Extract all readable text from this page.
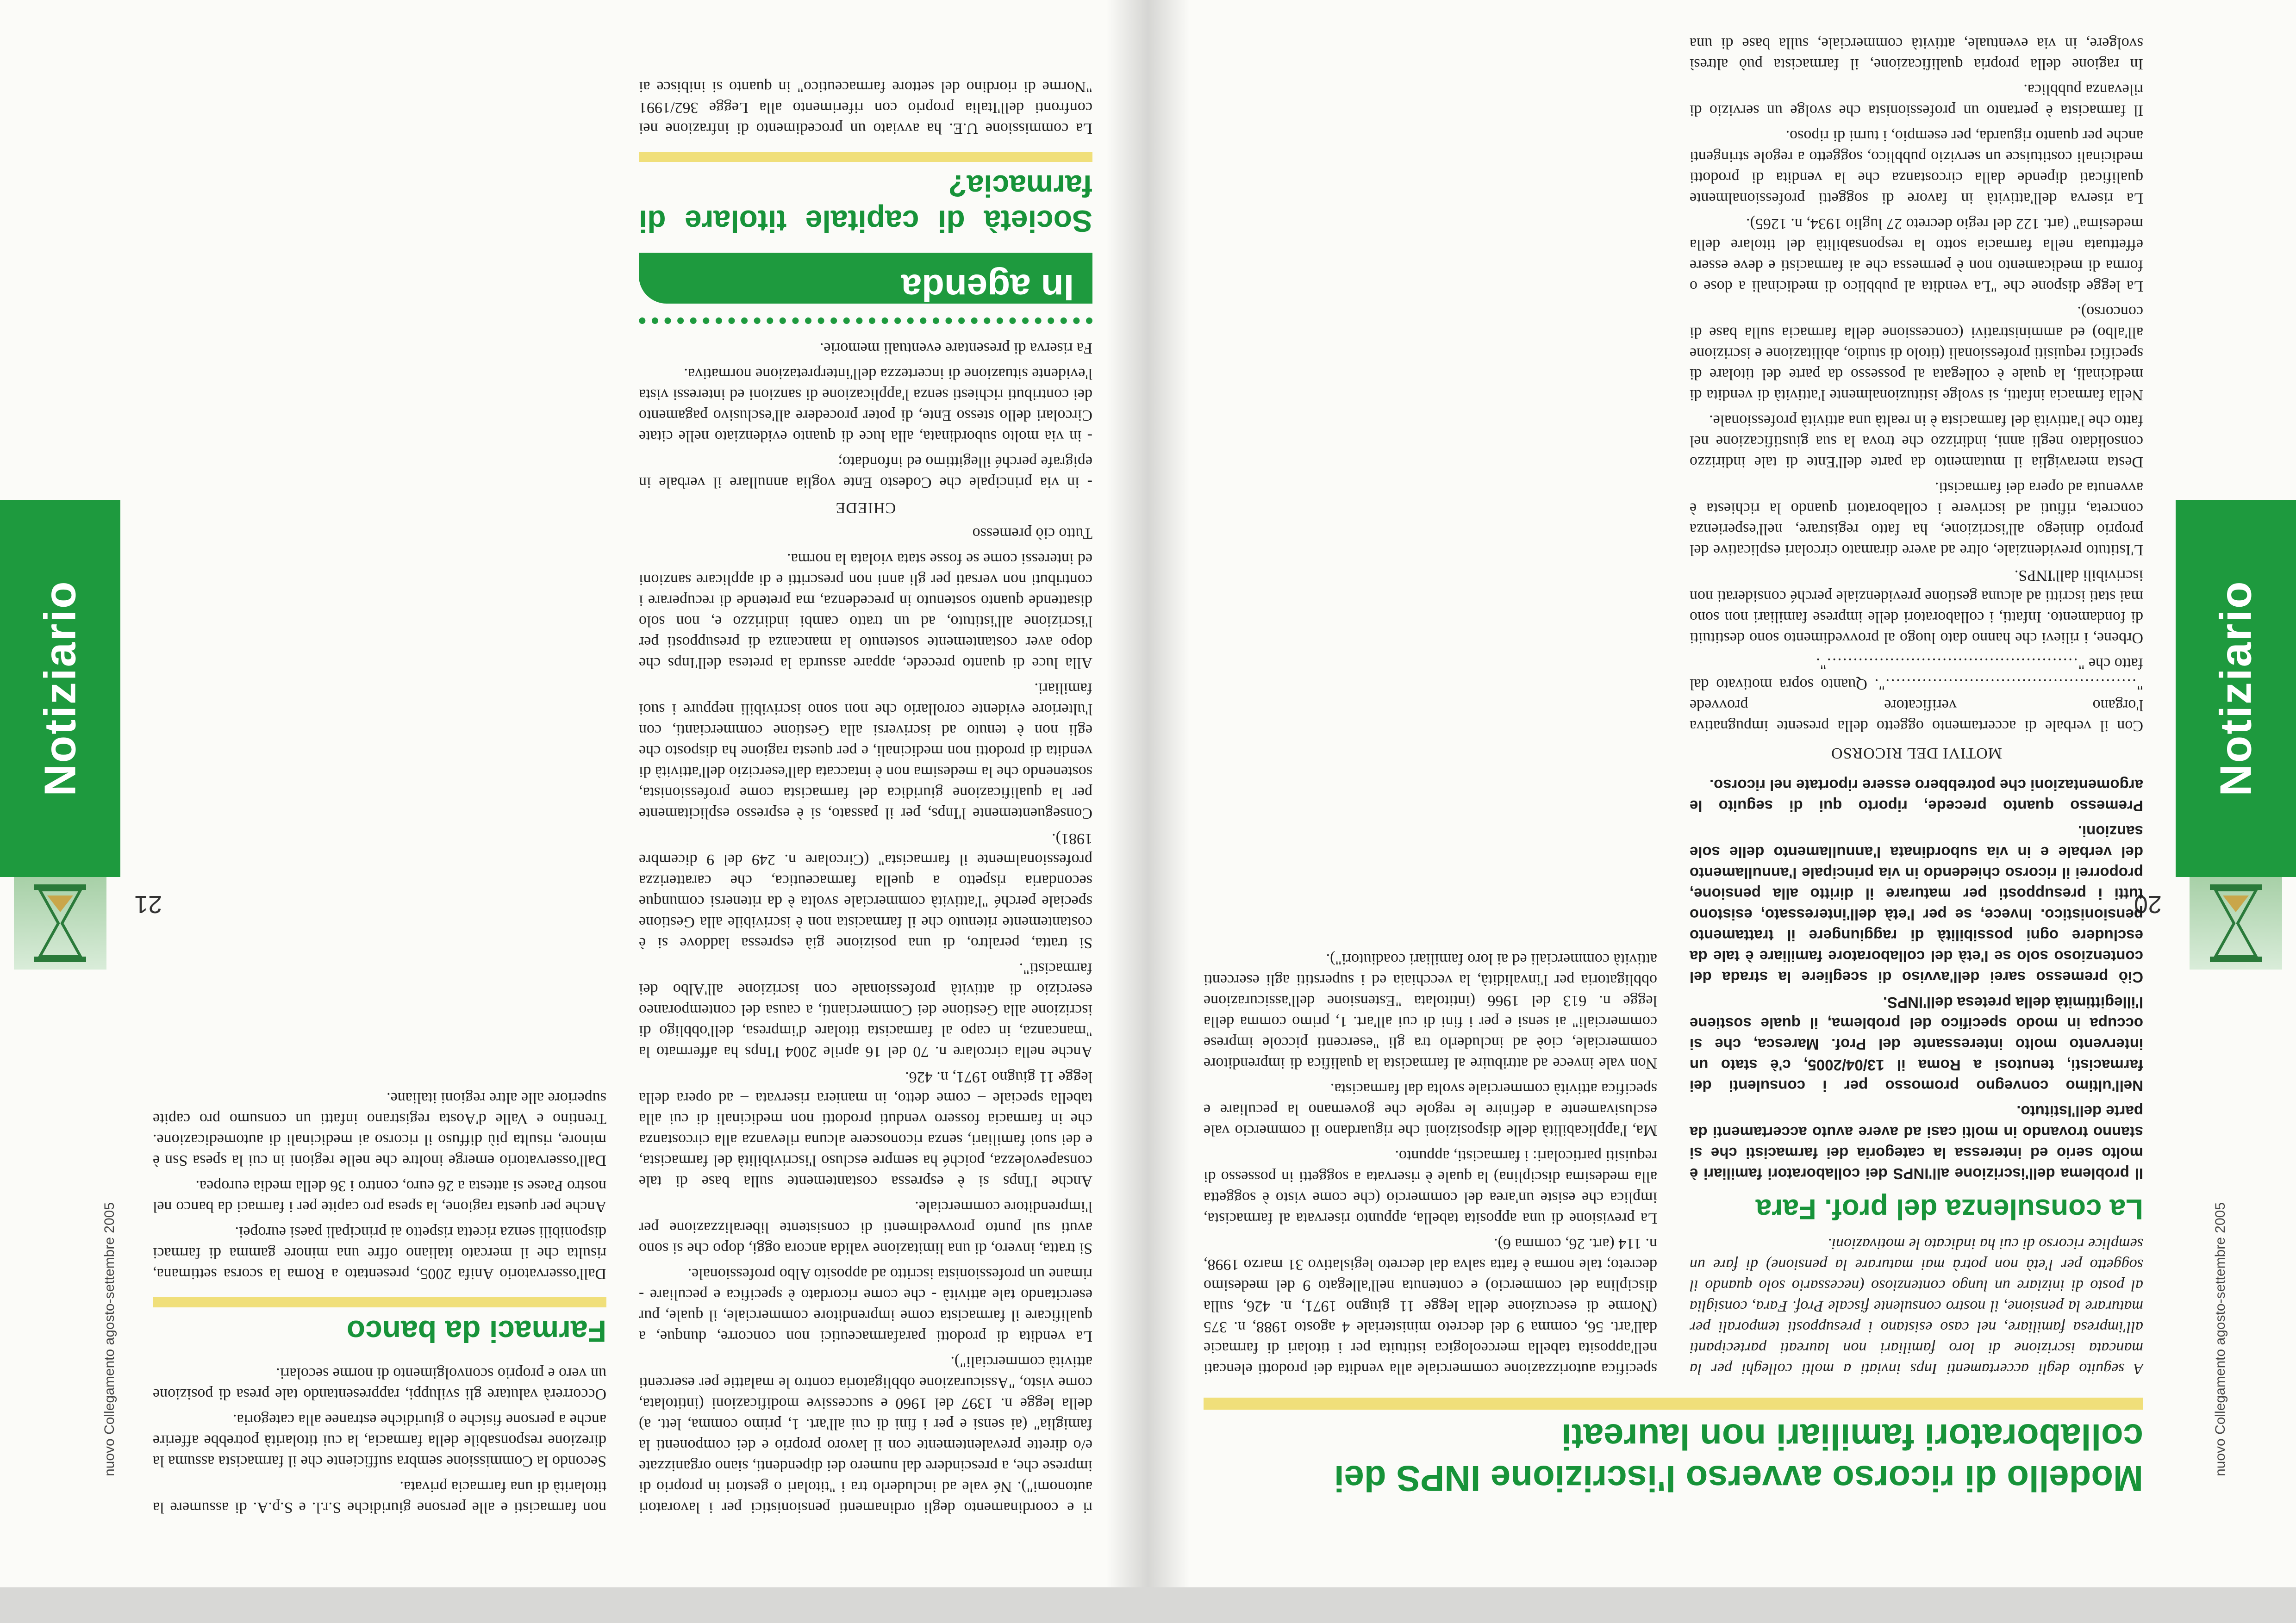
nuovo Collegamento agosto-settembre 2005
20
Notiziario
Modello di ricorso avverso l'iscrizione INPS dei collaboratori familiari non laureati

A seguito degli accertamenti Inps inviati a molti colleghi per la mancata iscrizione di loro familiari non laureati partecipanti all'impresa familiare, nel caso esistano i presupposti temporali per maturare la pensione, il nostro consulente fiscale Prof. Fara, consiglia al posto di iniziare un lungo contenzioso (necessario solo quando il soggetto per l'età non potrà mai maturare la pensione) di fare un semplice ricorso di cui ha indicato le motivazioni.

La consulenza del prof. Fara

Il problema dell'iscrizione all'INPS dei collaboratori familiari è molto serio ed interessa la categoria dei farmacisti che si stanno trovando in molti casi ad avere avuto accertamenti da parte dell'Istituto.

Nell'ultimo convegno promosso per i consulenti dei farmacisti, tenutosi a Roma il 13/04/2005, c'è stato un intervento molto interessante del Prof. Maresca, che si occupa in modo specifico del problema, il quale sostiene l'illegittimità della pretesa dell'INPS.

Ciò premesso sarei dell'avviso di scegliere la strada del contenzioso solo se l'età del collaboratore familiare è tale da escludere ogni possibilità di raggiungere il trattamento pensionistico. Invece, se per l'età dell'interessato, esistono tutti i presupposti per maturare il diritto alla pensione, proporrei il ricorso chiedendo in via principale l'annullamento del verbale e in via subordinata l'annullamento delle sole sanzioni.

Premesso quanto precede, riporto qui di seguito le argomentazioni che potrebbero essere riportate nel ricorso.

MOTIVI DEL RICORSO

Con il verbale di accertamento oggetto della presente impugnativa l'organo verificatore provvede "…………………………………………". Quanto sopra motivato dal fatto che "…………………………………………".

Orbene, i rilievi che hanno dato luogo al provvedimento sono destituiti di fondamento. Infatti, i collaboratori delle imprese familiari non sono mai stati iscritti ad alcuna gestione previdenziale perché considerati non iscrivibili dall'INPS.

L'Istituto previdenziale, oltre ad avere diramato circolari esplicative del proprio diniego all'iscrizione, ha fatto registrare, nell'esperienza concreta, rifiuti ad iscrivere i collaboratori quando la richiesta è avvenuta ad opera dei farmacisti.

Desta meraviglia il mutamento da parte dell'Ente di tale indirizzo consolidato negli anni, indirizzo che trova la sua giustificazione nel fatto che l'attività del farmacista è in realtà una attività professionale.

Nella farmacia infatti, si svolge istituzionalmente l'attività di vendita di medicinali, la quale è collegata al possesso da parte del titolare di specifici requisiti professionali (titolo di studio, abilitazione e iscrizione all'albo) ed amministrativi (concessione della farmacia sulla base di concorso).

La legge dispone che "La vendita al pubblico di medicinali a dose o forma di medicamento non è permessa che ai farmacisti e deve essere effettuata nella farmacia sotto la responsabilità del titolare della medesima" (art. 122 del regio decreto 27 luglio 1934, n. 1265).

La riserva dell'attività in favore di soggetti professionalmente qualificati dipende dalla circostanza che la vendita di prodotti medicinali costituisce un servizio pubblico, soggetto a regole stringenti anche per quanto riguarda, per esempio, i turni di riposo.

Il farmacista è pertanto un professionista che svolge un servizio di rilevanza pubblica.

In ragione della propria qualificazione, il farmacista può altresì svolgere, in via eventuale, attività commerciale, sulla base di una specifica autorizzazione commerciale alla vendita dei prodotti elencati nell'apposita tabella merceologica istituita per i titolari di farmacie dall'art. 56, comma 9 del decreto ministeriale 4 agosto 1988, n. 375 (Norme di esecuzione della legge 11 giugno 1971, n. 426, sulla disciplina del commercio) e contenuta nell'allegato 9 del medesimo decreto; tale norma è fatta salva dal decreto legislativo 31 marzo 1998, n. 114 (art. 26, comma 6).

La previsione di una apposita tabella, appunto riservata al farmacista, implica che esiste un'area del commercio (che come visto è soggetta alla medesima disciplina) la quale è riservata a soggetti in possesso di requisiti particolari: i farmacisti, appunto.

Ma, l'applicabilità delle disposizioni che riguardano il commercio vale esclusivamente a definire le regole che governano la peculiare e specifica attività commerciale svolta dal farmacista.

Non vale invece ad attribuire al farmacista la qualifica di imprenditore commerciale, cioè ad includerlo tra gli "esercenti piccole imprese commerciali" ai sensi e per i fini di cui all'art. 1, primo comma della legge n. 613 del 1966 (intitolata "Estensione dell'assicurazione obbligatoria per l'invalidità, la vecchiaia ed i superstiti agli esercenti attività commerciali ed ai loro familiari coadiutori").

21
Notiziario

ri e coordinamento degli ordinamenti pensionistici per i lavoratori autonomi"). Né vale ad includerlo tra i "titolari o gestori in proprio di imprese che, a prescindere dal numero dei dipendenti, siano organizzate e/o dirette prevalentemente con il lavoro proprio e dei componenti la famiglia" (ai sensi e per i fini di cui all'art. 1, primo comma, lett. a) della legge n. 1397 del 1960 e successive modificazioni (intitolata, come visto, "Assicurazione obbligatoria contro le malattie per esercenti attività commerciali").

La vendita di prodotti parafarmaceutici non concorre, dunque, a qualificare il farmacista come imprenditore commerciale, il quale, pur esercitando tale attività - che come ricordato è specifica e peculiare - rimane un professionista iscritto ad apposito Albo professionale.

Si tratta, invero, di una limitazione valida ancora oggi, dopo che si sono avuti sul punto provvedimenti di consistente liberalizzazione per l'imprenditore commerciale.

Anche l'Inps si è espressa costantemente sulla base di tale consapevolezza, poiché ha sempre escluso l'iscrivibilità del farmacista, e dei suoi familiari, senza riconoscere alcuna rilevanza alla circostanza che in farmacia fossero venduti prodotti non medicinali di cui alla tabella speciale – come detto, in maniera riservata – ad opera della legge 11 giugno 1971, n. 426.

Anche nella circolare n. 70 del 16 aprile 2004 l'Inps ha affermato la "mancanza, in capo al farmacista titolare d'impresa, dell'obbligo di iscrizione alla Gestione dei Commercianti, a causa del contemporaneo esercizio di attività professionale con iscrizione all'Albo dei farmacisti".

Si tratta, peraltro, di una posizione già espressa laddove si è costantemente ritenuto che il farmacista non è iscrivibile alla Gestione speciale perché "l'attività commerciale svolta è da ritenersi comunque secondaria rispetto a quella farmaceutica, che caratterizza professionalmente il farmacista" (Circolare n. 249 del 9 dicembre 1981).

Conseguentemente l'Inps, per il passato, si è espresso esplicitamente per la qualificazione giuridica del farmacista come professionista, sostenendo che la medesima non è intaccata dall'esercizio dell'attività di vendita di prodotti non medicinali, e per questa ragione ha disposto che egli non è tenuto ad iscriversi alla Gestione commercianti, con l'ulteriore evidente corollario che non sono iscrivibili neppure i suoi familiari.

Alla luce di quanto precede, appare assurda la pretesa dell'Inps che dopo aver costantemente sostenuto la mancanza di presupposti per l'iscrizione all'istituto, ad un tratto cambi indirizzo e, non solo disattende quanto sostenuto in precedenza, ma pretende di recuperare i contributi non versati per gli anni non prescritti e di applicare sanzioni ed interessi come se fosse stata violata la norma.

Tutto ciò premesso

CHIEDE

- in via principale che Codesto Ente voglia annullare il verbale in epigrafe perché illegittimo ed infondato;

- in via molto subordinata, alla luce di quanto evidenziato nelle citate Circolari dello stesso Ente, di poter procedere all'esclusivo pagamento dei contributi richiesti senza l'applicazione di sanzioni ed interessi vista l'evidente situazione di incertezza dell'interpretazione normativa.

Fa riserva di presentare eventuali memorie.

In agenda
Società di capitale titolare di farmacia?

La commissione U.E. ha avviato un procedimento di infrazione nei confronti dell'Italia proprio con riferimento alla Legge 362/1991 "Norme di riordino del settore farmaceutico" in quanto si inibisce ai non farmacisti e alle persone giuridiche S.r.l. e S.p.A. di assumere la titolarità di una farmacia privata.

Secondo la Commissione sembra sufficiente che il farmacista assuma la direzione responsabile della farmacia, la cui titolarità potrebbe afferire anche a persone fisiche o giuridiche estranee alla categoria.

Occorrerà valutare gli sviluppi, rappresentando tale presa di posizione un vero e proprio sconvolgimento di norme secolari.

Farmaci da banco

Dall'osservatorio Anifa 2005, presentato a Roma la scorsa settimana, risulta che il mercato italiano offre una minore gamma di farmaci disponibili senza ricetta rispetto ai principali paesi europei.

Anche per questa ragione, la spesa pro capite per i farmaci da banco nel nostro Paese si attesta a 26 euro, contro i 36 della media europea.

Dall'osservatorio emerge inoltre che nelle regioni in cui la spesa Ssn è minore, risulta più diffuso il ricorso ai medicinali di automedicazione. Trentino e Valle d'Aosta registrano infatti un consumo pro capite superiore alle altre regioni italiane.

nuovo Collegamento agosto-settembre 2005
